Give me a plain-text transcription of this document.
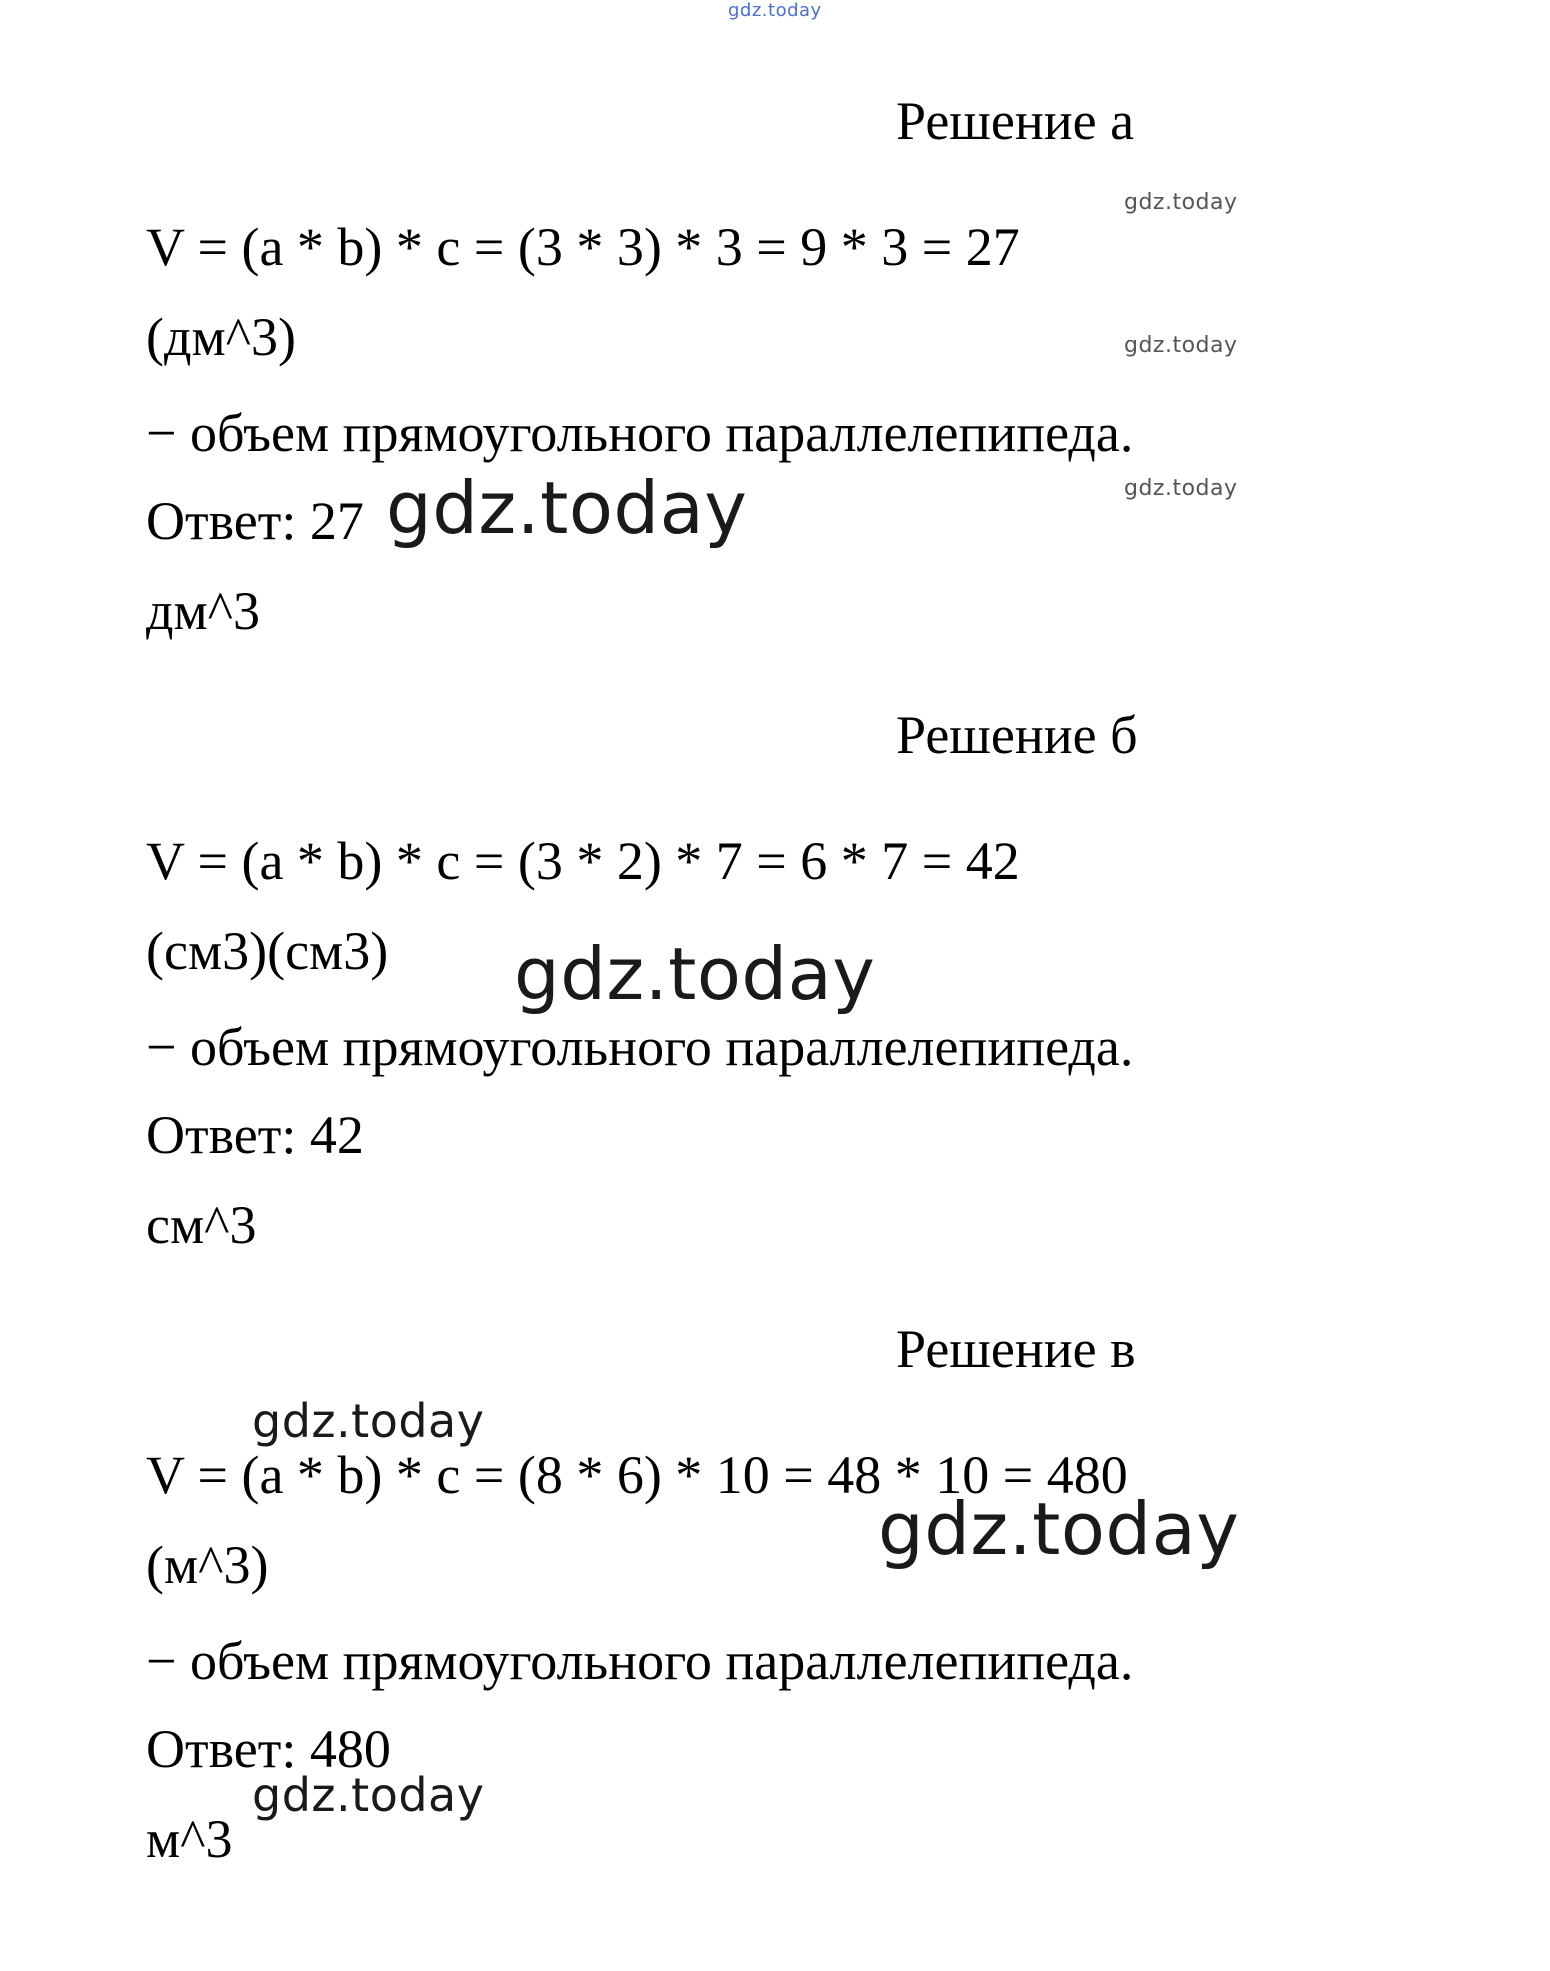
gdz.today
gdz.today
gdz.today
gdz.today
gdz.today
gdz.today
gdz.today
gdz.today
gdz.today
Решение а
V = (a * b) * c = (3 * 3) * 3 = 9 * 3 = 27
(дм^3)
− объем прямоугольного параллелепипеда.
Ответ: 27
дм^3
Решение б
V = (a * b) * c = (3 * 2) * 7 = 6 * 7 = 42
(см3)(см3)
− объем прямоугольного параллелепипеда.
Ответ: 42
см^3
Решение в
V = (a * b) * c = (8 * 6) * 10 = 48 * 10 = 480
(м^3)
− объем прямоугольного параллелепипеда.
Ответ: 480
м^3
